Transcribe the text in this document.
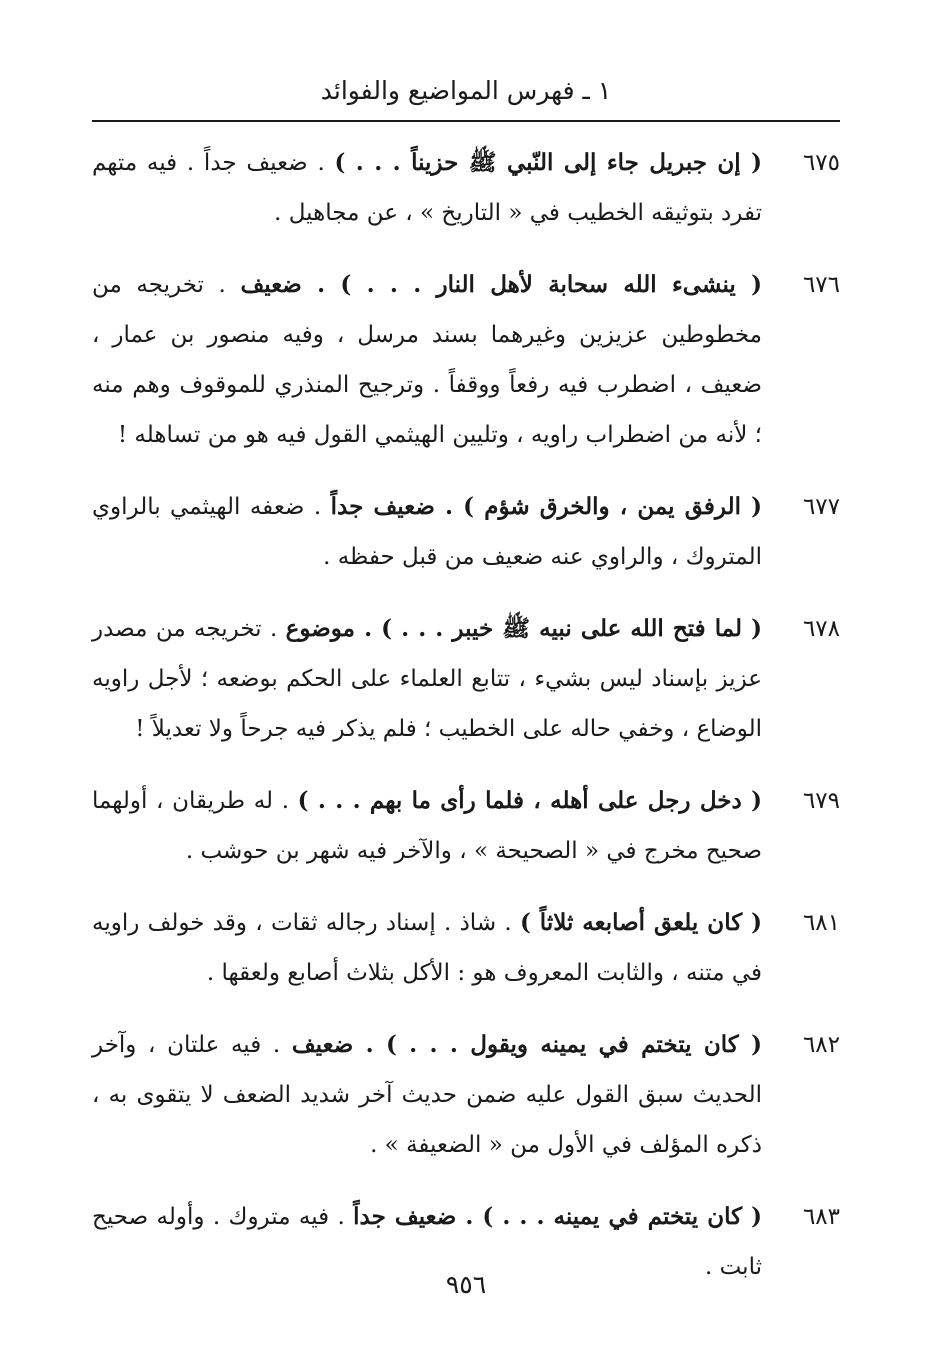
١ ـ فهرس المواضيع والفوائد
٦٧٥
( إن جبريل جاء إلى النّبي ﷺ حزيناً . . . ) . ضعيف جداً . فيه متهم تفرد بتوثيقه الخطيب في « التاريخ » ، عن مجاهيل .
٦٧٦
( ينشىء الله سحابة لأهل النار . . . ) . ضعيف . تخريجه من مخطوطين عزيزين وغيرهما بسند مرسل ، وفيه منصور بن عمار ، ضعيف ، اضطرب فيه رفعاً ووقفاً . وترجيح المنذري للموقوف وهم منه ؛ لأنه من اضطراب راويه ، وتليين الهيثمي القول فيه هو من تساهله !
٦٧٧
( الرفق يمن ، والخرق شؤم ) . ضعيف جداً . ضعفه الهيثمي بالراوي المتروك ، والراوي عنه ضعيف من قبل حفظه .
٦٧٨
( لما فتح الله على نبيه ﷺ خيبر . . . ) . موضوع . تخريجه من مصدر عزيز بإسناد ليس بشيء ، تتابع العلماء على الحكم بوضعه ؛ لأجل راويه الوضاع ، وخفي حاله على الخطيب ؛ فلم يذكر فيه جرحاً ولا تعديلاً !
٦٧٩
( دخل رجل على أهله ، فلما رأى ما بهم . . . ) . له طريقان ، أولهما صحيح مخرج في « الصحيحة » ، والآخر فيه شهر بن حوشب .
٦٨١
( كان يلعق أصابعه ثلاثاً ) . شاذ . إسناد رجاله ثقات ، وقد خولف راويه في متنه ، والثابت المعروف هو : الأكل بثلاث أصابع ولعقها .
٦٨٢
( كان يتختم في يمينه ويقول . . . ) . ضعيف . فيه علتان ، وآخر الحديث سبق القول عليه ضمن حديث آخر شديد الضعف لا يتقوى به ، ذكره المؤلف في الأول من « الضعيفة » .
٦٨٣
( كان يتختم في يمينه . . . ) . ضعيف جداً . فيه متروك . وأوله صحيح ثابت .
٩٥٦
